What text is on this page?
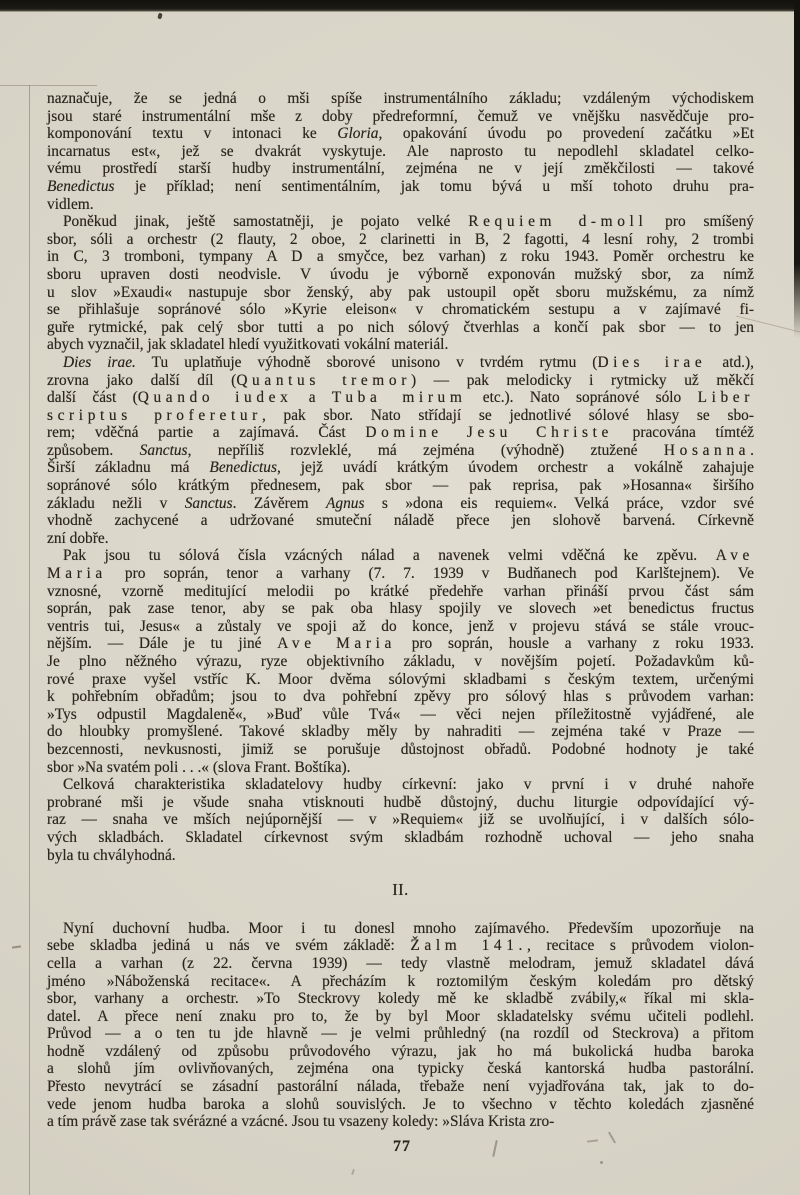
naznačuje, že se jedná o mši spíše instrumentálního základu; vzdáleným východiskem
jsou staré instrumentální mše z doby předreformní, čemuž ve vnějšku nasvědčuje pro-
komponování textu v intonaci ke Gloria, opakování úvodu po provedení začátku »Et
incarnatus est«, jež se dvakrát vyskytuje. Ale naprosto tu nepodlehl skladatel celko-
vému prostředí starší hudby instrumentální, zejména ne v její změkčilosti — takové
Benedictus je příklad; není sentimentálním, jak tomu bývá u mší tohoto druhu pra-
vidlem.
Poněkud jinak, ještě samostatněji, je pojato velké Requiem d-moll pro smíšený
sbor, sóli a orchestr (2 flauty, 2 oboe, 2 clarinetti in B, 2 fagotti, 4 lesní rohy, 2 trombi
in C, 3 tromboni, tympany A D a smyčce, bez varhan) z roku 1943. Poměr orchestru ke
sboru upraven dosti neodvisle. V úvodu je výborně exponován mužský sbor, za nímž
u slov »Exaudi« nastupuje sbor ženský, aby pak ustoupil opět sboru mužskému, za nímž
se přihlašuje sopránové sólo »Kyrie eleison« v chromatickém sestupu a v zajímavé fi-
guře rytmické, pak celý sbor tutti a po nich sólový čtverhlas a končí pak sbor — to jen
abych vyznačil, jak skladatel hledí využitkovati vokální materiál.
Dies irae. Tu uplatňuje výhodně sborové unisono v tvrdém rytmu (Dies irae atd.),
zrovna jako další díl (Quantus tremor) — pak melodicky i rytmicky už měkčí
další část (Quando iudex a Tuba mirum etc.). Nato sopránové sólo Liber
scriptus proferetur, pak sbor. Nato střídají se jednotlivé sólové hlasy se sbo-
rem; vděčná partie a zajímavá. Část Domine Jesu Christe pracována tímtéž
způsobem. Sanctus, nepříliš rozvleklé, má zejména (výhodně) ztužené Hosanna.
Širší základnu má Benedictus, jejž uvádí krátkým úvodem orchestr a vokálně zahajuje
sopránové sólo krátkým přednesem, pak sbor — pak reprisa, pak »Hosanna« širšího
základu nežli v Sanctus. Závěrem Agnus s »dona eis requiem«. Velká práce, vzdor své
vhodně zachycené a udržované smuteční náladě přece jen slohově barvená. Církevně
zní dobře.
Pak jsou tu sólová čísla vzácných nálad a navenek velmi vděčná ke zpěvu. Ave
Maria pro soprán, tenor a varhany (7. 7. 1939 v Budňanech pod Karlštejnem). Ve
vznosné, vzorně meditující melodii po krátké předehře varhan přináší prvou část sám
soprán, pak zase tenor, aby se pak oba hlasy spojily ve slovech »et benedictus fructus
ventris tui, Jesus« a zůstaly ve spoji až do konce, jenž v projevu stává se stále vrouc-
nějším. — Dále je tu jiné Ave Maria pro soprán, housle a varhany z roku 1933.
Je plno něžného výrazu, ryze objektivního základu, v novějším pojetí. Požadavkům ků-
rové praxe vyšel vstříc K. Moor dvěma sólovými skladbami s českým textem, určenými
k pohřebním obřadům; jsou to dva pohřební zpěvy pro sólový hlas s průvodem varhan:
»Tys odpustil Magdaleně«, »Buď vůle Tvá« — věci nejen příležitostně vyjádřené, ale
do hloubky promyšlené. Takové skladby měly by nahraditi — zejména také v Praze —
bezcennosti, nevkusnosti, jimiž se porušuje důstojnost obřadů. Podobné hodnoty je také
sbor »Na svatém poli . . .« (slova Frant. Boštíka).
Celková charakteristika skladatelovy hudby církevní: jako v první i v druhé nahoře
probrané mši je všude snaha vtisknouti hudbě důstojný, duchu liturgie odpovídající vý-
raz — snaha ve mších nejúpornější — v »Requiem« již se uvolňující, i v dalších sólo-
vých skladbách. Skladatel církevnost svým skladbám rozhodně uchoval — jeho snaha
byla tu chvályhodná.
II.
Nyní duchovní hudba. Moor i tu donesl mnoho zajímavého. Především upozorňuje na
sebe skladba jediná u nás ve svém základě: Žalm 141., recitace s průvodem violon-
cella a varhan (z 22. června 1939) — tedy vlastně melodram, jemuž skladatel dává
jméno »Náboženská recitace«. A přecházím k roztomilým českým koledám pro dětský
sbor, varhany a orchestr. »To Steckrovy koledy mě ke skladbě zvábily,« říkal mi skla-
datel. A přece není znaku pro to, že by byl Moor skladatelsky svému učiteli podlehl.
Průvod — a o ten tu jde hlavně — je velmi průhledný (na rozdíl od Steckrova) a přitom
hodně vzdálený od způsobu průvodového výrazu, jak ho má bukolická hudba baroka
a slohů jím ovlivňovaných, zejména ona typicky česká kantorská hudba pastorální.
Přesto nevytrácí se zásadní pastorální nálada, třebaže není vyjadřována tak, jak to do-
vede jenom hudba baroka a slohů souvislých. Je to všechno v těchto koledách zjasněné
a tím právě zase tak svérázné a vzácné. Jsou tu vsazeny koledy: »Sláva Krista zro-
77
